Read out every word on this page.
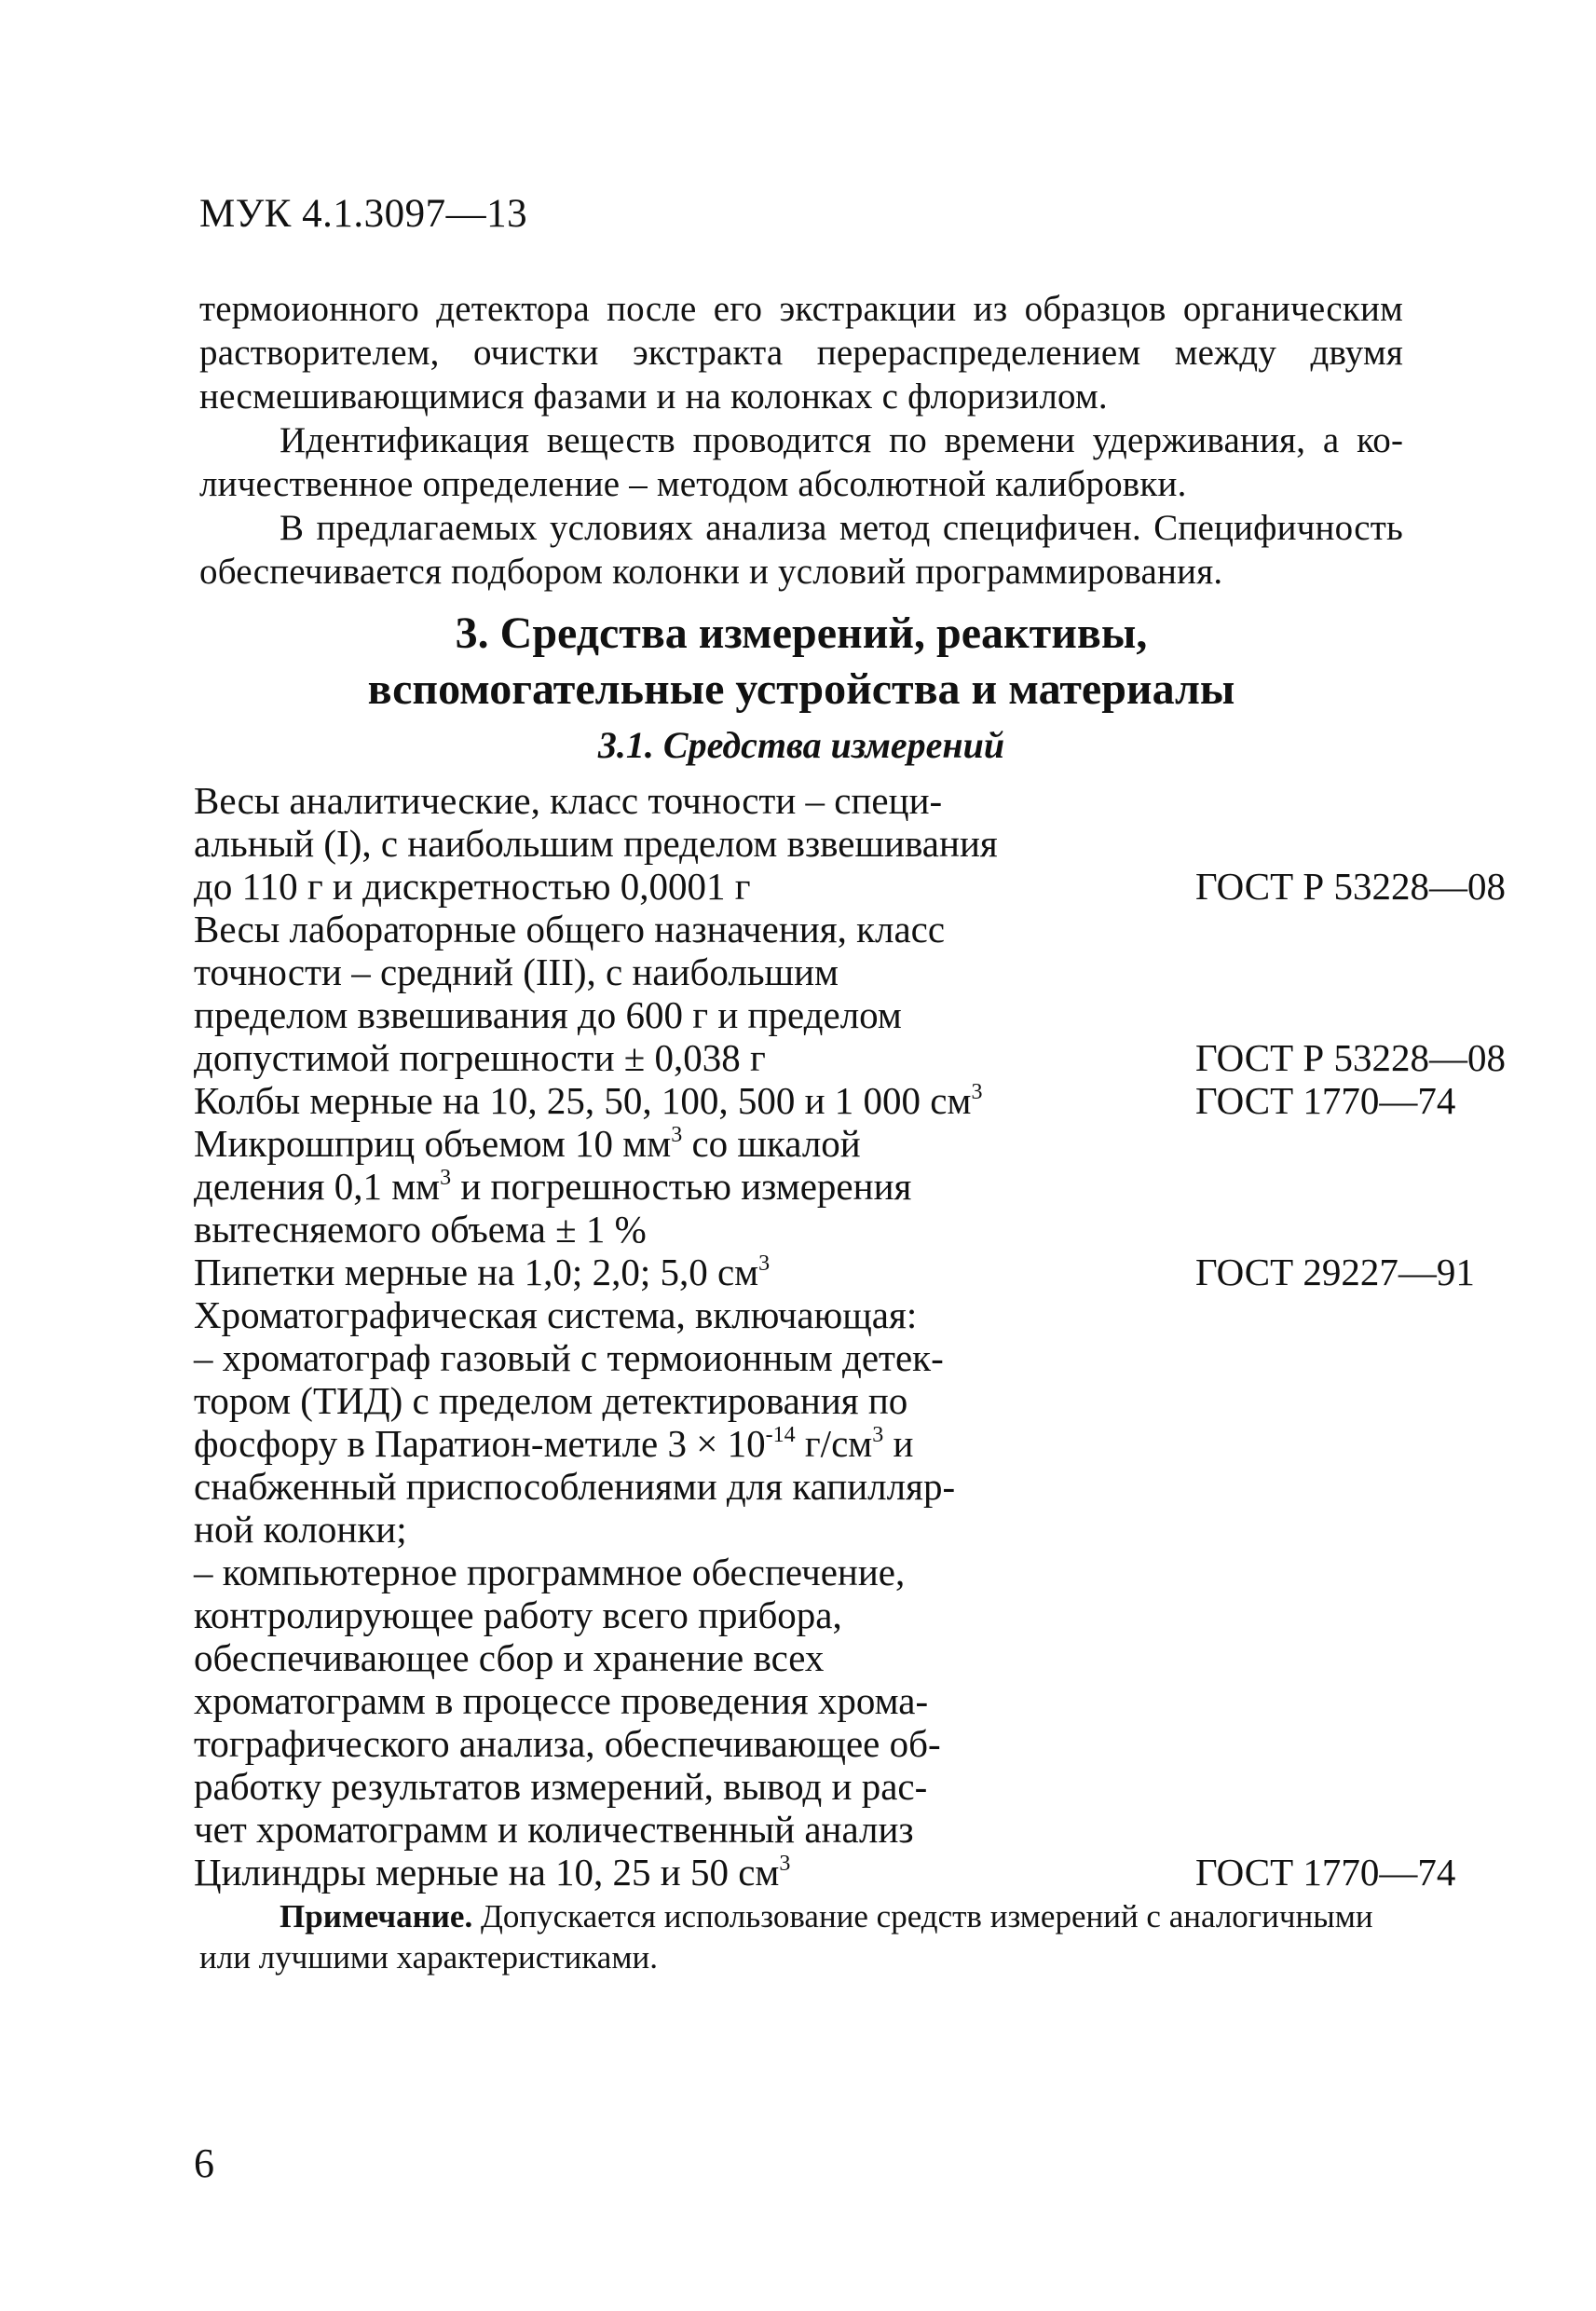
МУК 4.1.3097—13

термоионного детектора после его экстракции из образцов органическим растворителем, очистки экстракта перераспределением между двумя несмешивающимися фазами и на колонках с флоризилом.

Идентификация веществ проводится по времени удерживания, а количественное определение – методом абсолютной калибровки.

В предлагаемых условиях анализа метод специфичен. Специфичность обеспечивается подбором колонки и условий программирования.

3. Средства измерений, реактивы,
вспомогательные устройства и материалы
3.1. Средства измерений
Весы аналитические, класс точности – специ-
альный (I), с наибольшим пределом взвешивания
до 110 г и дискретностью 0,0001 г	ГОСТ Р 53228—08
Весы лабораторные общего назначения, класс
точности – средний (III), с наибольшим
пределом взвешивания до 600 г и пределом
допустимой погрешности ± 0,038 г	ГОСТ Р 53228—08
Колбы мерные на 10, 25, 50, 100, 500 и 1 000 $см^3$	ГОСТ 1770—74
Микрошприц объемом 10 $мм^3$ со шкалой
деления 0,1 $мм^3$ и погрешностью измерения
вытесняемого объема ± 1 %
Пипетки мерные на 1,0; 2,0; 5,0 $см^3$	ГОСТ 29227—91
Хроматографическая система, включающая:
– хроматограф газовый с термоионным детек-
тором (ТИД) с пределом детектирования по
фосфору в Паратион-метиле $3 \times 10^{-14}$ $г/см^3$ и
снабженный приспособлениями для капилляр-
ной колонки;
– компьютерное программное обеспечение,
контролирующее работу всего прибора,
обеспечивающее сбор и хранение всех
хроматограмм в процессе проведения хрома-
тографического анализа, обеспечивающее об-
работку результатов измерений, вывод и рас-
чет хроматограмм и количественный анализ
Цилиндры мерные на 10, 25 и 50 $см^3$	ГОСТ 1770—74

Примечание. Допускается использование средств измерений с аналогичными или лучшими характеристиками.

6
